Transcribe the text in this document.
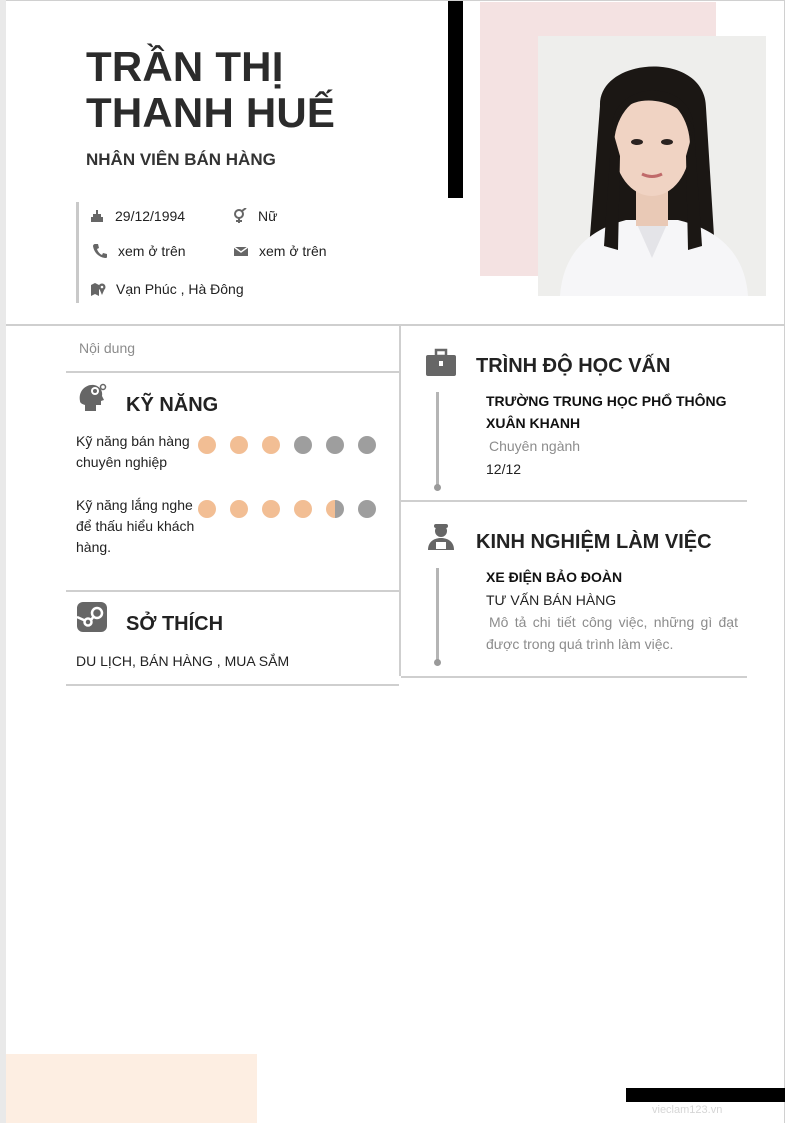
TRẦN THỊ THANH HUẾ
NHÂN VIÊN BÁN HÀNG
29/12/1994	Nữ
xem ở trên	xem ở trên
Vạn Phúc , Hà Đông
Nội dung
KỸ NĂNG
Kỹ năng bán hàng chuyên nghiệp
Kỹ năng lắng nghe để thấu hiểu khách hàng.
SỞ THÍCH
DU LỊCH, BÁN HÀNG , MUA SẮM
TRÌNH ĐỘ HỌC VẤN
TRƯỜNG TRUNG HỌC PHỔ THÔNG XUÂN KHANH
Chuyên ngành
12/12
KINH NGHIỆM LÀM VIỆC
XE ĐIỆN BẢO ĐOÀN
TƯ VẤN BÁN HÀNG
Mô tả chi tiết công việc, những gì đạt được trong quá trình làm việc.
vieclam123.vn
